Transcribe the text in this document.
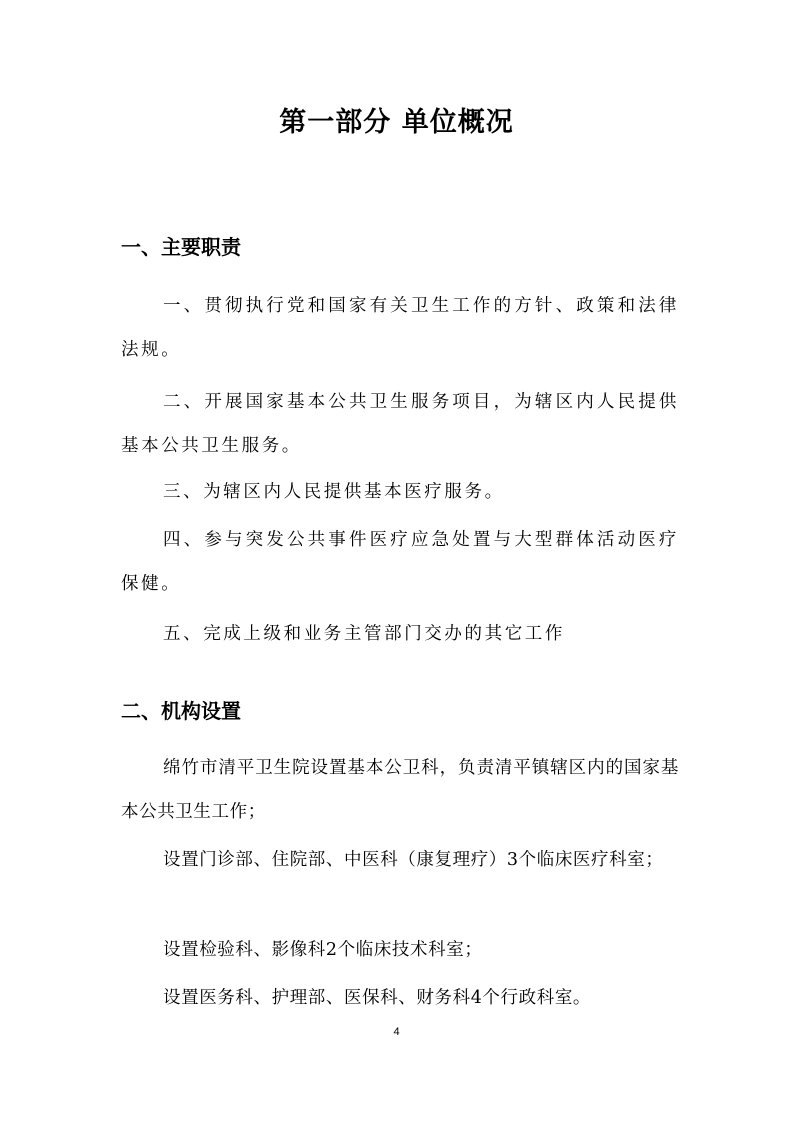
第一部分 单位概况
一、主要职责

一、贯彻执行党和国家有关卫生工作的方针、政策和法律法规。

二、开展国家基本公共卫生服务项目，为辖区内人民提供基本公共卫生服务。

三、为辖区内人民提供基本医疗服务。

四、参与突发公共事件医疗应急处置与大型群体活动医疗保健。

五、完成上级和业务主管部门交办的其它工作

二、机构设置

绵竹市清平卫生院设置基本公卫科，负责清平镇辖区内的国家基本公共卫生工作；

设置门诊部、住院部、中医科（康复理疗）3个临床医疗科室；

设置检验科、影像科2个临床技术科室；

设置医务科、护理部、医保科、财务科4个行政科室。

4
